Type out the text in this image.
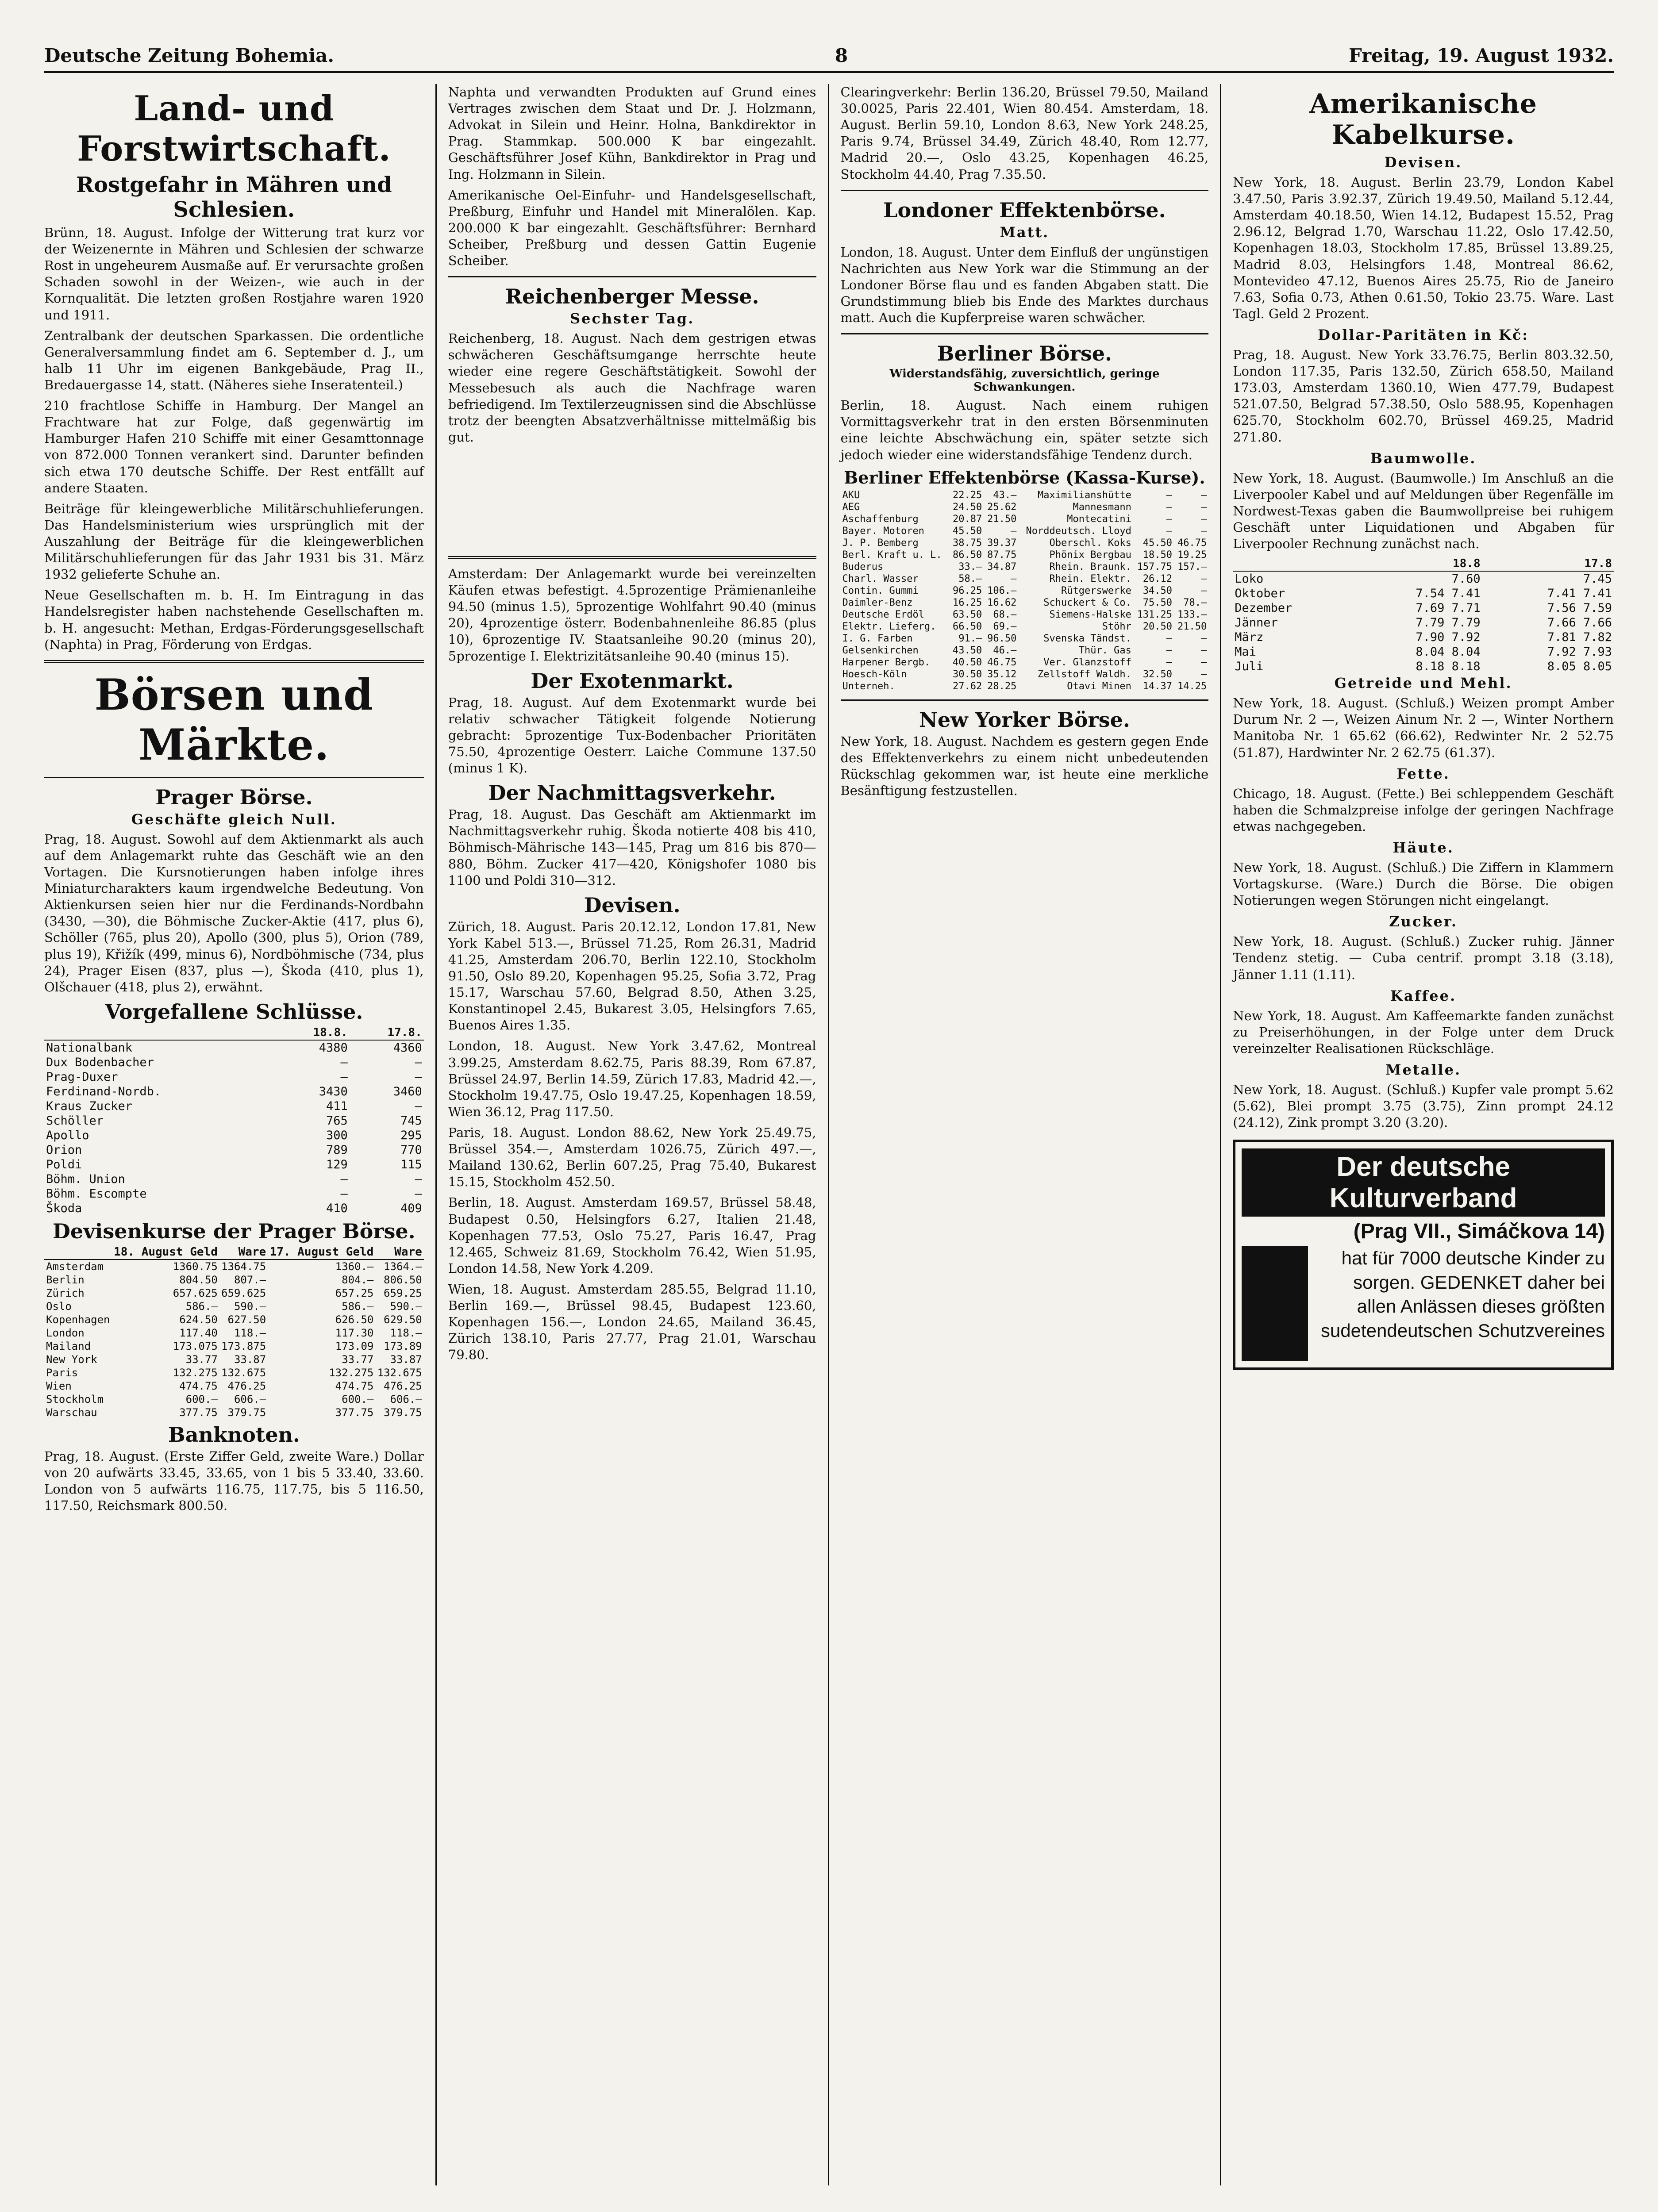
Deutsche Zeitung Bohemia.	8	Freitag, 19. August 1932.
Land- und Forstwirtschaft.
Rostgefahr in Mähren und Schlesien.

Brünn, 18. August. Infolge der Witterung trat kurz vor der Weizenernte in Mähren und Schlesien der schwarze Rost in ungeheurem Ausmaße auf. Er verursachte großen Schaden sowohl in der Weizen-, wie auch in der Kornqualität. Die letzten großen Rostjahre waren 1920 und 1911.

Zentralbank der deutschen Sparkassen. Die ordentliche Generalversammlung findet am 6. September d. J., um halb 11 Uhr im eigenen Bankgebäude, Prag II., Bredauergasse 14, statt. (Näheres siehe Inseratenteil.)

210 frachtlose Schiffe in Hamburg. Der Mangel an Frachtware hat zur Folge, daß gegenwärtig im Hamburger Hafen 210 Schiffe mit einer Gesamttonnage von 872.000 Tonnen verankert sind. Darunter befinden sich etwa 170 deutsche Schiffe. Der Rest entfällt auf andere Staaten.

Beiträge für kleingewerbliche Militärschuhlieferungen. Das Handelsministerium wies ursprünglich mit der Auszahlung der Beiträge für die kleingewerblichen Militärschuhlieferungen für das Jahr 1931 bis 31. März 1932 gelieferte Schuhe an.

Neue Gesellschaften m. b. H. Im Eintragung in das Handelsregister haben nachstehende Gesellschaften m. b. H. angesucht: Methan, Erdgas-Förderungsgesellschaft (Naphta) in Prag, Förderung von Erdgas.

Börsen und Märkte.
Prager Börse.
Geschäfte gleich Null.

Prag, 18. August. Sowohl auf dem Aktienmarkt als auch auf dem Anlagemarkt ruhte das Geschäft wie an den Vortagen. Die Kursnotierungen haben infolge ihres Miniaturcharakters kaum irgendwelche Bedeutung. Von Aktienkursen seien hier nur die Ferdinands-Nordbahn (3430, —30), die Böhmische Zucker-Aktie (417, plus 6), Schöller (765, plus 20), Apollo (300, plus 5), Orion (789, plus 19), Křižík (499, minus 6), Nordböhmische (734, plus 24), Prager Eisen (837, plus —), Škoda (410, plus 1), Olšchauer (418, plus 2), erwähnt.

Vorgefallene Schlüsse.
	18.8.	17.8.
Nationalbank	4380	4360
Dux Bodenbacher	—	—
Prag-Duxer	—	—
Ferdinand-Nordb.	3430	3460
Kraus Zucker	411	—
Schöller	765	745
Apollo	300	295
Orion	789	770
Poldi	129	115
Böhm. Union	—	—
Böhm. Escompte	—	—
Škoda	410	409
Devisenkurse der Prager Börse.
	18. August Geld	Ware	17. August Geld	Ware
Amsterdam	1360.75	1364.75	1360.—	1364.—
Berlin	804.50	807.—	804.—	806.50
Zürich	657.625	659.625	657.25	659.25
Oslo	586.—	590.—	586.—	590.—
Kopenhagen	624.50	627.50	626.50	629.50
London	117.40	118.—	117.30	118.—
Mailand	173.075	173.875	173.09	173.89
New York	33.77	33.87	33.77	33.87
Paris	132.275	132.675	132.275	132.675
Wien	474.75	476.25	474.75	476.25
Stockholm	600.—	606.—	600.—	606.—
Warschau	377.75	379.75	377.75	379.75
Banknoten.

Prag, 18. August. (Erste Ziffer Geld, zweite Ware.) Dollar von 20 aufwärts 33.45, 33.65, von 1 bis 5 33.40, 33.60. London von 5 aufwärts 116.75, 117.75, bis 5 116.50, 117.50, Reichsmark 800.50.

Naphta und verwandten Produkten auf Grund eines Vertrages zwischen dem Staat und Dr. J. Holzmann, Advokat in Silein und Heinr. Holna, Bankdirektor in Prag. Stammkap. 500.000 K bar eingezahlt. Geschäftsführer Josef Kühn, Bankdirektor in Prag und Ing. Holzmann in Silein.

Amerikanische Oel-Einfuhr- und Handelsgesellschaft, Preßburg, Einfuhr und Handel mit Mineralölen. Kap. 200.000 K bar eingezahlt. Geschäftsführer: Bernhard Scheiber, Preßburg und dessen Gattin Eugenie Scheiber.

Reichenberger Messe.
Sechster Tag.

Reichenberg, 18. August. Nach dem gestrigen etwas schwächeren Geschäftsumgange herrschte heute wieder eine regere Geschäftstätigkeit. Sowohl der Messebesuch als auch die Nachfrage waren befriedigend. Im Textilerzeugnissen sind die Abschlüsse trotz der beengten Absatzverhältnisse mittelmäßig bis gut.

Amsterdam: Der Anlagemarkt wurde bei vereinzelten Käufen etwas befestigt. 4.5prozentige Prämienanleihe 94.50 (minus 1.5), 5prozentige Wohlfahrt 90.40 (minus 20), 4prozentige österr. Bodenbahnenleihe 86.85 (plus 10), 6prozentige IV. Staatsanleihe 90.20 (minus 20), 5prozentige I. Elektrizitätsanleihe 90.40 (minus 15).

Der Exotenmarkt.

Prag, 18. August. Auf dem Exotenmarkt wurde bei relativ schwacher Tätigkeit folgende Notierung gebracht: 5prozentige Tux-Bodenbacher Prioritäten 75.50, 4prozentige Oesterr. Laiche Commune 137.50 (minus 1 K).

Der Nachmittagsverkehr.

Prag, 18. August. Das Geschäft am Aktienmarkt im Nachmittagsverkehr ruhig. Škoda notierte 408 bis 410, Böhmisch-Mährische 143—145, Prag um 816 bis 870—880, Böhm. Zucker 417—420, Königshofer 1080 bis 1100 und Poldi 310—312.

Devisen.

Zürich, 18. August. Paris 20.12.12, London 17.81, New York Kabel 513.—, Brüssel 71.25, Rom 26.31, Madrid 41.25, Amsterdam 206.70, Berlin 122.10, Stockholm 91.50, Oslo 89.20, Kopenhagen 95.25, Sofia 3.72, Prag 15.17, Warschau 57.60, Belgrad 8.50, Athen 3.25, Konstantinopel 2.45, Bukarest 3.05, Helsingfors 7.65, Buenos Aires 1.35.

London, 18. August. New York 3.47.62, Montreal 3.99.25, Amsterdam 8.62.75, Paris 88.39, Rom 67.87, Brüssel 24.97, Berlin 14.59, Zürich 17.83, Madrid 42.—, Stockholm 19.47.75, Oslo 19.47.25, Kopenhagen 18.59, Wien 36.12, Prag 117.50.

Paris, 18. August. London 88.62, New York 25.49.75, Brüssel 354.—, Amsterdam 1026.75, Zürich 497.—, Mailand 130.62, Berlin 607.25, Prag 75.40, Bukarest 15.15, Stockholm 452.50.

Berlin, 18. August. Amsterdam 169.57, Brüssel 58.48, Budapest 0.50, Helsingfors 6.27, Italien 21.48, Kopenhagen 77.53, Oslo 75.27, Paris 16.47, Prag 12.465, Schweiz 81.69, Stockholm 76.42, Wien 51.95, London 14.58, New York 4.209.

Wien, 18. August. Amsterdam 285.55, Belgrad 11.10, Berlin 169.—, Brüssel 98.45, Budapest 123.60, Kopenhagen 156.—, London 24.65, Mailand 36.45, Zürich 138.10, Paris 27.77, Prag 21.01, Warschau 79.80.

Clearingverkehr: Berlin 136.20, Brüssel 79.50, Mailand 30.0025, Paris 22.401, Wien 80.454. Amsterdam, 18. August. Berlin 59.10, London 8.63, New York 248.25, Paris 9.74, Brüssel 34.49, Zürich 48.40, Rom 12.77, Madrid 20.—, Oslo 43.25, Kopenhagen 46.25, Stockholm 44.40, Prag 7.35.50.

Londoner Effektenbörse.
Matt.

London, 18. August. Unter dem Einfluß der ungünstigen Nachrichten aus New York war die Stimmung an der Londoner Börse flau und es fanden Abgaben statt. Die Grundstimmung blieb bis Ende des Marktes durchaus matt. Auch die Kupferpreise waren schwächer.

Berliner Börse.
Widerstandsfähig, zuversichtlich, geringe Schwankungen.

Berlin, 18. August. Nach einem ruhigen Vormittagsverkehr trat in den ersten Börsenminuten eine leichte Abschwächung ein, später setzte sich jedoch wieder eine widerstandsfähige Tendenz durch.

Berliner Effektenbörse (Kassa-Kurse).
AKU	22.25	43.—	Maximilianshütte	—	—
AEG	24.50	25.62	Mannesmann	—	—
Aschaffenburg	20.87	21.50	Montecatini	—	—
Bayer. Motoren	45.50	—	Norddeutsch. Lloyd	—	—
J. P. Bemberg	38.75	39.37	Oberschl. Koks	45.50	46.75
Berl. Kraft u. L.	86.50	87.75	Phönix Bergbau	18.50	19.25
Buderus	33.—	34.87	Rhein. Braunk.	157.75	157.—
Charl. Wasser	58.—	—	Rhein. Elektr.	26.12	—
Contin. Gummi	96.25	106.—	Rütgerswerke	34.50	—
Daimler-Benz	16.25	16.62	Schuckert & Co.	75.50	78.—
Deutsche Erdöl	63.50	68.—	Siemens-Halske	131.25	133.—
Elektr. Lieferg.	66.50	69.—	Stöhr	20.50	21.50
I. G. Farben	91.—	96.50	Svenska Tändst.	—	—
Gelsenkirchen	43.50	46.—	Thür. Gas	—	—
Harpener Bergb.	40.50	46.75	Ver. Glanzstoff	—	—
Hoesch-Köln	30.50	35.12	Zellstoff Waldh.	32.50	—
Unterneh.	27.62	28.25	Otavi Minen	14.37	14.25
New Yorker Börse.

New York, 18. August. Nachdem es gestern gegen Ende des Effektenverkehrs zu einem nicht unbedeutenden Rückschlag gekommen war, ist heute eine merkliche Besänftigung festzustellen.

Amerikanische Kabelkurse.
Devisen.

New York, 18. August. Berlin 23.79, London Kabel 3.47.50, Paris 3.92.37, Zürich 19.49.50, Mailand 5.12.44, Amsterdam 40.18.50, Wien 14.12, Budapest 15.52, Prag 2.96.12, Belgrad 1.70, Warschau 11.22, Oslo 17.42.50, Kopenhagen 18.03, Stockholm 17.85, Brüssel 13.89.25, Madrid 8.03, Helsingfors 1.48, Montreal 86.62, Montevideo 47.12, Buenos Aires 25.75, Rio de Janeiro 7.63, Sofia 0.73, Athen 0.61.50, Tokio 23.75. Ware. Last Tagl. Geld 2 Prozent.

Dollar-Paritäten in Kč:

Prag, 18. August. New York 33.76.75, Berlin 803.32.50, London 117.35, Paris 132.50, Zürich 658.50, Mailand 173.03, Amsterdam 1360.10, Wien 477.79, Budapest 521.07.50, Belgrad 57.38.50, Oslo 588.95, Kopenhagen 625.70, Stockholm 602.70, Brüssel 469.25, Madrid 271.80.

Baumwolle.

New York, 18. August. (Baumwolle.) Im Anschluß an die Liverpooler Kabel und auf Meldungen über Regenfälle im Nordwest-Texas gaben die Baumwollpreise bei ruhigem Geschäft unter Liquidationen und Abgaben für Liverpooler Rechnung zunächst nach.

	18.8	17.8
Loko	7.60	7.45
Oktober	7.54 7.41	7.41 7.41
Dezember	7.69 7.71	7.56 7.59
Jänner	7.79 7.79	7.66 7.66
März	7.90 7.92	7.81 7.82
Mai	8.04 8.04	7.92 7.93
Juli	8.18 8.18	8.05 8.05
Getreide und Mehl.

New York, 18. August. (Schluß.) Weizen prompt Amber Durum Nr. 2 —, Weizen Ainum Nr. 2 —, Winter Northern Manitoba Nr. 1 65.62 (66.62), Redwinter Nr. 2 52.75 (51.87), Hardwinter Nr. 2 62.75 (61.37).

Fette.

Chicago, 18. August. (Fette.) Bei schleppendem Geschäft haben die Schmalzpreise infolge der geringen Nachfrage etwas nachgegeben.

Häute.

New York, 18. August. (Schluß.) Die Ziffern in Klammern Vortagskurse. (Ware.) Durch die Börse. Die obigen Notierungen wegen Störungen nicht eingelangt.

Zucker.

New York, 18. August. (Schluß.) Zucker ruhig. Jänner Tendenz stetig. — Cuba centrif. prompt 3.18 (3.18), Jänner 1.11 (1.11).

Kaffee.

New York, 18. August. Am Kaffeemarkte fanden zunächst zu Preiserhöhungen, in der Folge unter dem Druck vereinzelter Realisationen Rückschläge.

Metalle.

New York, 18. August. (Schluß.) Kupfer vale prompt 5.62 (5.62), Blei prompt 3.75 (3.75), Zinn prompt 24.12 (24.12), Zink prompt 3.20 (3.20).

Der deutsche Kulturverband
(Prag VII., Simáčkova 14)
hat für 7000 deutsche Kinder zu sorgen. GEDENKET daher bei allen Anlässen dieses größten sudetendeutschen Schutzvereines
